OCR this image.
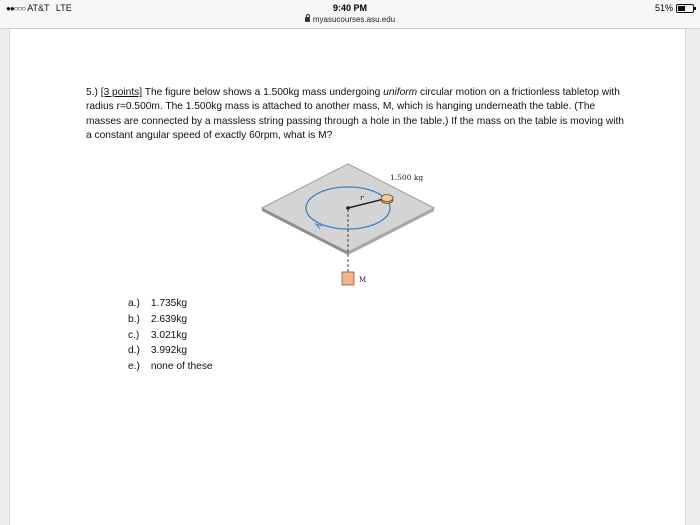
●●○○○ AT&T LTE	9:40 PM	51%
myasucourses.asu.edu
5.) [3 points] The figure below shows a 1.500kg mass undergoing uniform circular motion on a frictionless tabletop with radius r=0.500m. The 1.500kg mass is attached to another mass, M, which is hanging underneath the table. (The masses are connected by a massless string passing through a hole in the table.) If the mass on the table is moving with a constant angular speed of exactly 60rpm, what is M?
1.500 kg
r
M
a.) 1.735kg
b.) 2.639kg
c.) 3.021kg
d.) 3.992kg
e.) none of these
